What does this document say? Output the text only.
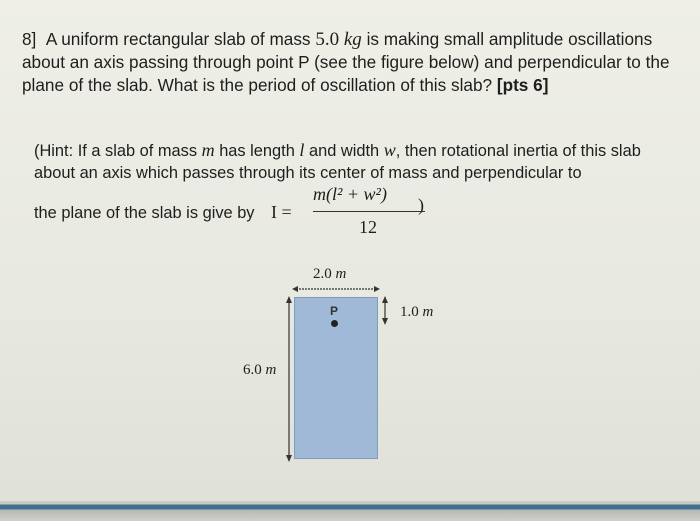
8] A uniform rectangular slab of mass 5.0 kg is making small amplitude oscillations about an axis passing through point P (see the figure below) and perpendicular to the plane of the slab. What is the period of oscillation of this slab? [pts 6]

(Hint: If a slab of mass m has length l and width w, then rotational inertia of this slab about an axis which passes through its center of mass and perpendicular to

the plane of the slab is give by I =
m(l² + w²)
)
12
2.0 m
1.0 m
6.0 m
P
